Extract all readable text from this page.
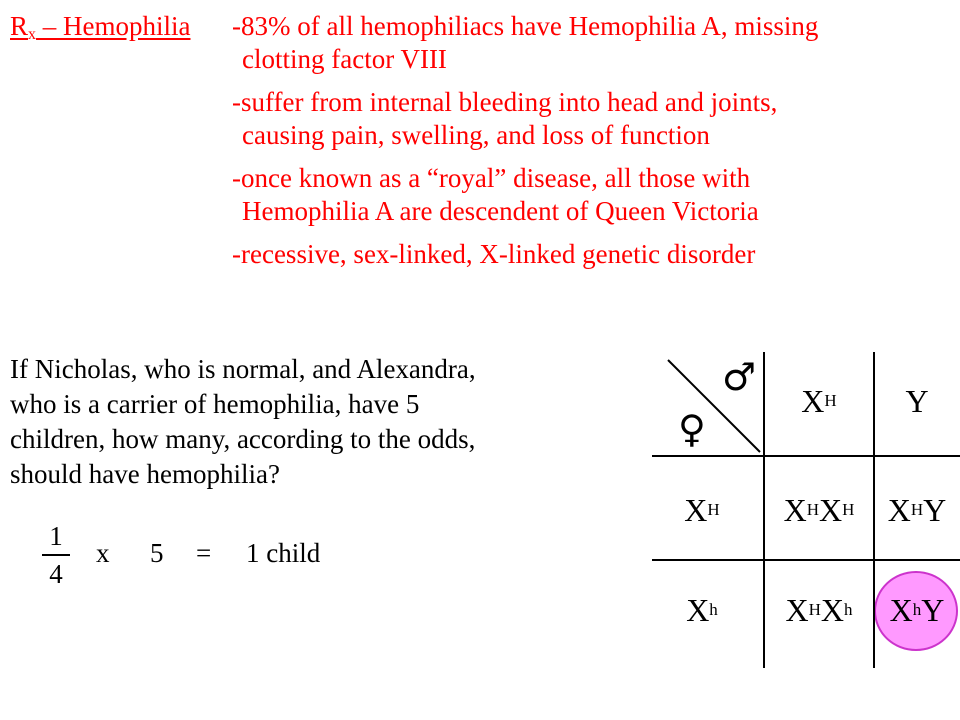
$R_x$ – Hemophilia -83% of all hemophiliacs have Hemophilia A, missing
clotting factor VIII
-suffer from internal bleeding into head and joints,
causing pain, swelling, and loss of function
-once known as a “royal” disease, all those with
Hemophilia A are descendent of Queen Victoria
-recessive, sex-linked, X-linked genetic disorder
If Nicholas, who is normal, and Alexandra,
who is a carrier of hemophilia, have 5
children, how many, according to the odds,
should have hemophilia?
1
4
x 5 = 1 child
♂
♀
X H Y
X H
X h
X H X H X H Y
X H X h X h Y
